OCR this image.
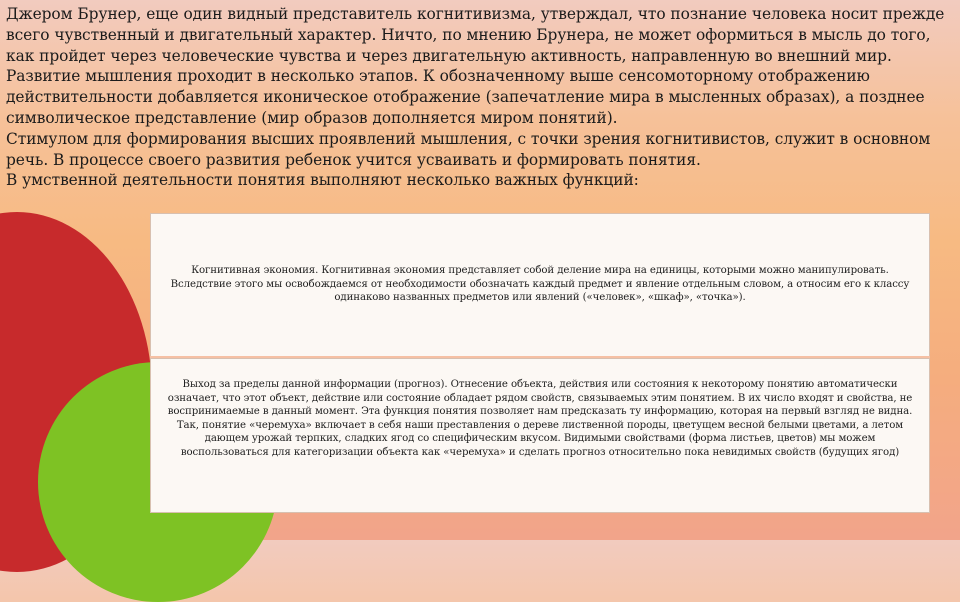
Джером Брунер, еще один видный представитель когнитивизма, утверждал, что познание человека носит прежде всего чувственный и двигательный характер. Ничто, по мнению Брунера, не может оформиться в мысль до того, как пройдет через человеческие чувства и через двигательную активность, направленную во внешний мир. Развитие мышления проходит в несколько этапов. К обозначенному выше сенсомоторному отображению действительности добавляется иконическое отображение (запечатление мира в мысленных образах), а позднее символическое представление (мир образов дополняется миром понятий).

Стимулом для формирования высших проявлений мышления, с точки зрения когнитивистов, служит в основном речь. В процессе своего развития ребенок учится усваивать и формировать понятия.

В умственной деятельности понятия выполняют несколько важных функций:

Когнитивная экономия. Когнитивная экономия представляет собой деление мира на единицы, которыми можно манипулировать. Вследствие этого мы освобождаемся от необходимости обозначать каждый предмет и явление отдельным словом, а относим его к классу одинаково названных предметов или явлений («человек», «шкаф», «точка»).
Выход за пределы данной информации (прогноз). Отнесение объекта, действия или состояния к некоторому понятию автоматически означает, что этот объект, действие или состояние обладает рядом свойств, связываемых этим понятием. В их число входят и свойства, не воспринимаемые в данный момент. Эта функция понятия позволяет нам предсказать ту информацию, которая на первый взгляд не видна. Так, понятие «черемуха» включает в себя наши преставления о дереве лиственной породы, цветущем весной белыми цветами, а летом дающем урожай терпких, сладких ягод со специфическим вкусом. Видимыми свойствами (форма листьев, цветов) мы можем воспользоваться для категоризации объекта как «черемуха» и сделать прогноз относительно пока невидимых свойств (будущих ягод)
